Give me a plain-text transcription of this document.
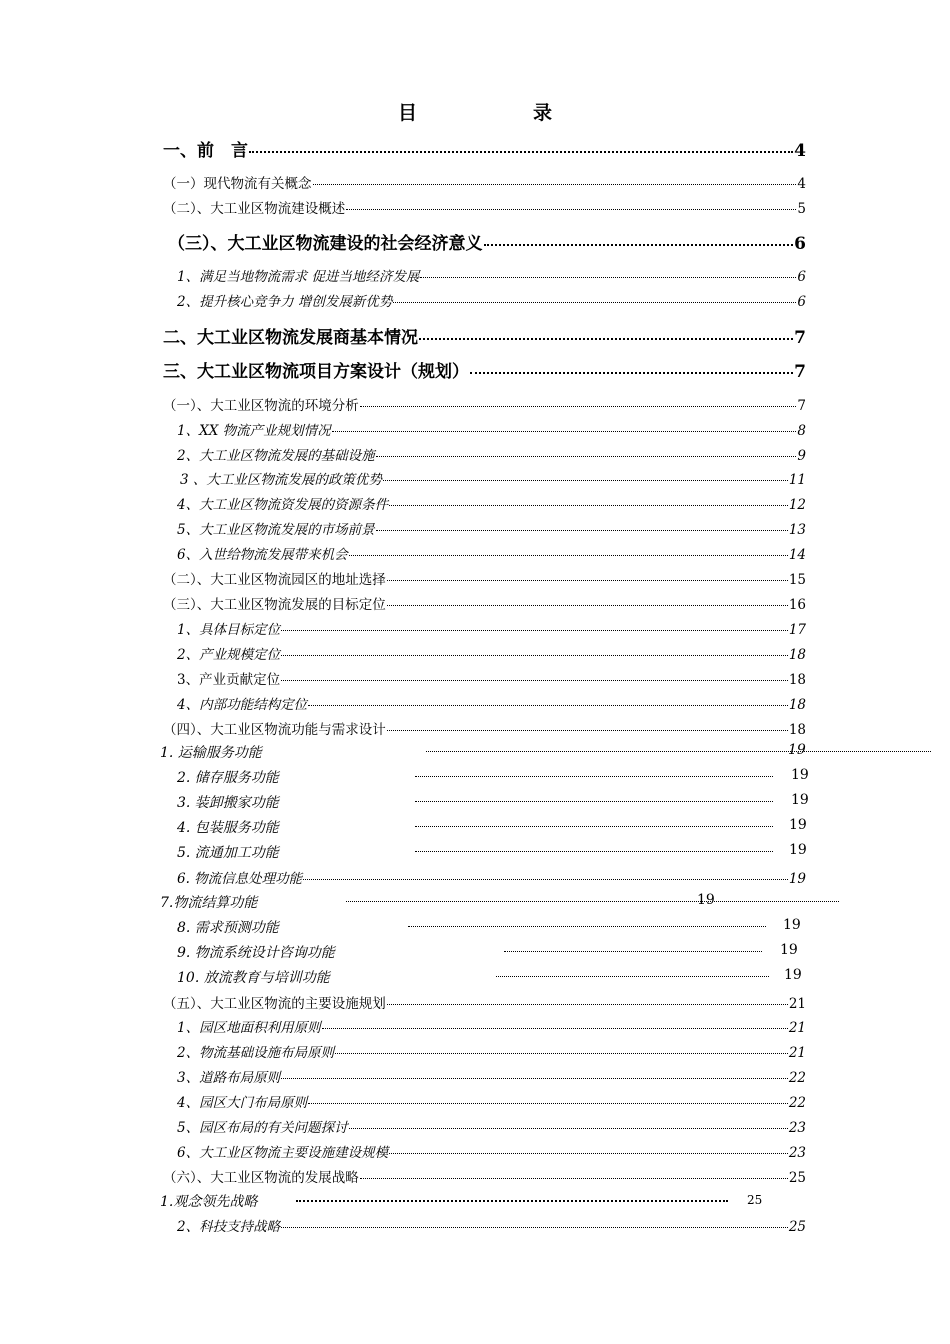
目　　录
一、前　言	4
（一）现代物流有关概念	4
（二）、大工业区物流建设概述	5
（三）、大工业区物流建设的社会经济意义	6
1、满足当地物流需求 促进当地经济发展	6
2、提升核心竞争力 增创发展新优势	6
二、大工业区物流发展商基本情况	7
三、大工业区物流项目方案设计（规划）	7
（一）、大工业区物流的环境分析	7
1、XX 物流产业规划情况	8
2、大工业区物流发展的基础设施	9
3 、大工业区物流发展的政策优势	11
4、大工业区物流资发展的资源条件	12
5、大工业区物流发展的市场前景	13
6、入世给物流发展带来机会	14
（二）、大工业区物流园区的地址选择	15
（三）、大工业区物流发展的目标定位	16
1、具体目标定位	17
2、产业规模定位	18
3、产业贡献定位	18
4、内部功能结构定位	18
（四）、大工业区物流功能与需求设计	18
1. 运输服务功能	19
2. 储存服务功能	19
3. 装卸搬家功能	19
4. 包装服务功能	19
5. 流通加工功能	19
6. 物流信息处理功能	19
7.物流结算功能	19
8. 需求预测功能	19
9. 物流系统设计咨询功能	19
10. 放流教育与培训功能	19
（五）、大工业区物流的主要设施规划	21
1、园区地面积利用原则	21
2、物流基础设施布局原则	21
3、道路布局原则	22
4、园区大门布局原则	22
5、园区布局的有关问题探讨	23
6、大工业区物流主要设施建设规模	23
（六）、大工业区物流的发展战略	25
1.观念领先战略	25
2、科技支持战略	25
